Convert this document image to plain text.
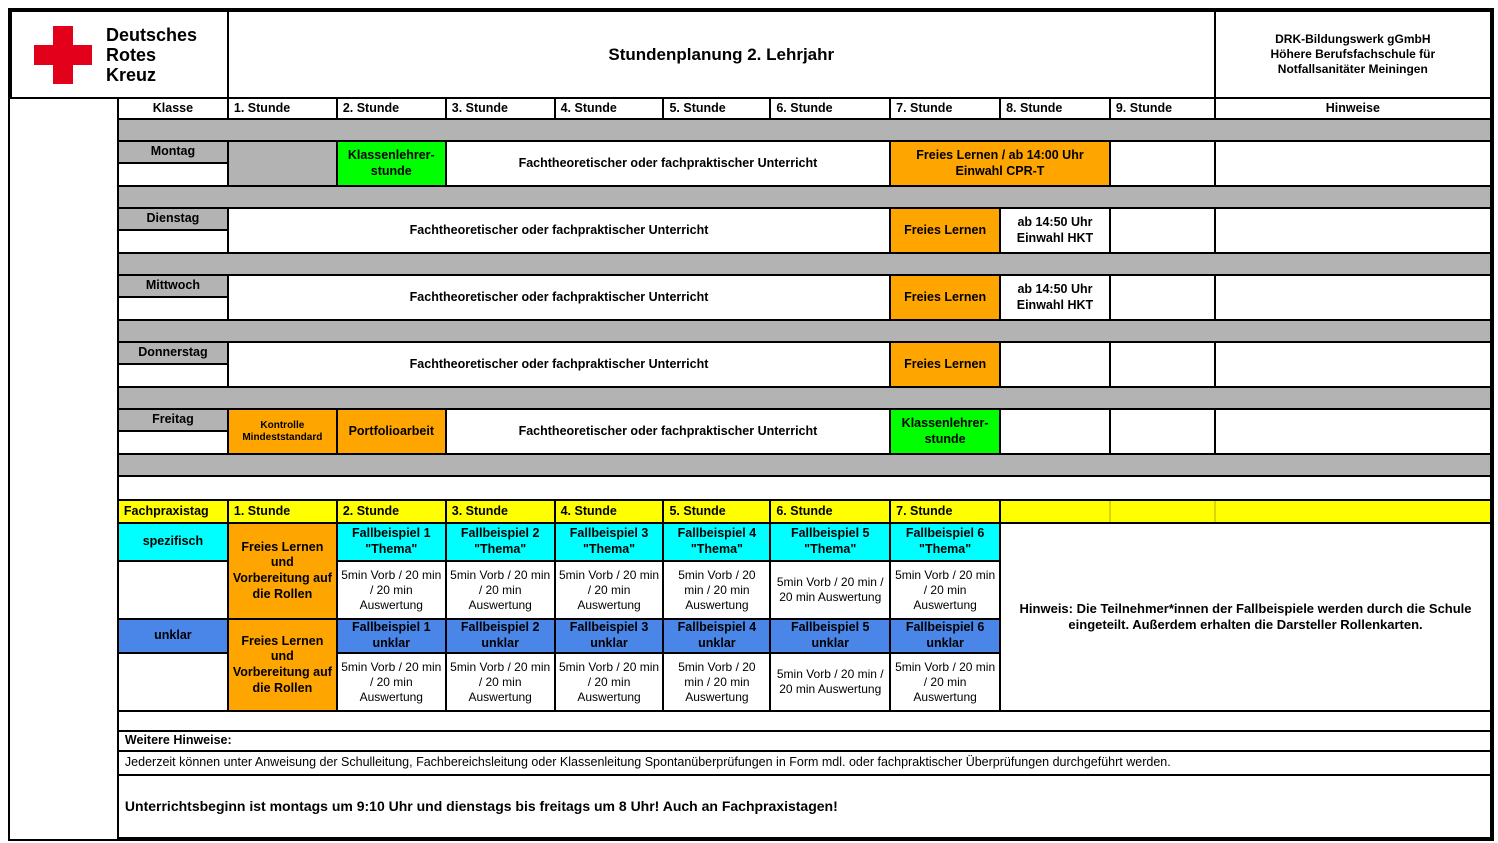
Deutsches
Rotes
Kreuz
	Stundenplanung 2. Lehrjahr	
DRK-Bildungswerk gGmbH
Höhere Berufsfachschule für
Notfallsanitäter Meiningen

	Klasse	1. Stunde	2. Stunde	3. Stunde	4. Stunde	5. Stunde	6. Stunde	7. Stunde	8. Stunde	9. Stunde	Hinweise

	Montag		Klassenlehrer-stunde	Fachtheoretischer oder fachpraktischer Unterricht				Freies Lernen / ab 14:00 Uhr Einwahl CPR-T			

	Dienstag	Fachtheoretischer oder fachpraktischer Unterricht						Freies Lernen	ab 14:50 Uhr Einwahl HKT		

	Mittwoch	Fachtheoretischer oder fachpraktischer Unterricht						Freies Lernen	ab 14:50 Uhr Einwahl HKT		

	Donnerstag	Fachtheoretischer oder fachpraktischer Unterricht						Freies Lernen			

	Freitag	Kontrolle Mindeststandard	Portfolioarbeit	Fachtheoretischer oder fachpraktischer Unterricht				Klassenlehrer-stunde			

	Fachpraxistag	1. Stunde	2. Stunde	3. Stunde	4. Stunde	5. Stunde	6. Stunde	7. Stunde			
	spezifisch	Freies Lernen und Vorbereitung auf die Rollen	Fallbeispiel 1 "Thema"	Fallbeispiel 2 "Thema"	Fallbeispiel 3 "Thema"	Fallbeispiel 4 "Thema"	Fallbeispiel 5 "Thema"	Fallbeispiel 6 "Thema"	Hinweis: Die Teilnehmer*innen der Fallbeispiele werden durch die Schule eingeteilt. Außerdem erhalten die Darsteller Rollenkarten.		
			5min Vorb / 20 min / 20 min Auswertung	5min Vorb / 20 min / 20 min Auswertung	5min Vorb / 20 min / 20 min Auswertung	5min Vorb / 20 min / 20 min Auswertung	5min Vorb / 20 min / 20 min Auswertung	5min Vorb / 20 min / 20 min Auswertung			
	unklar	Freies Lernen und Vorbereitung auf die Rollen	Fallbeispiel 1 unklar	Fallbeispiel 2 unklar	Fallbeispiel 3 unklar	Fallbeispiel 4 unklar	Fallbeispiel 5 unklar	Fallbeispiel 6 unklar			
			5min Vorb / 20 min / 20 min Auswertung	5min Vorb / 20 min / 20 min Auswertung	5min Vorb / 20 min / 20 min Auswertung	5min Vorb / 20 min / 20 min Auswertung	5min Vorb / 20 min / 20 min Auswertung	5min Vorb / 20 min / 20 min Auswertung			

	Weitere Hinweise:										
	Jederzeit können unter Anweisung der Schulleitung, Fachbereichsleitung oder Klassenleitung Spontanüberprüfungen in Form mdl. oder fachpraktischer Überprüfungen durchgeführt werden.										
	Unterrichtsbeginn ist montags um 9:10 Uhr und dienstags bis freitags um 8 Uhr! Auch an Fachpraxistagen!										
